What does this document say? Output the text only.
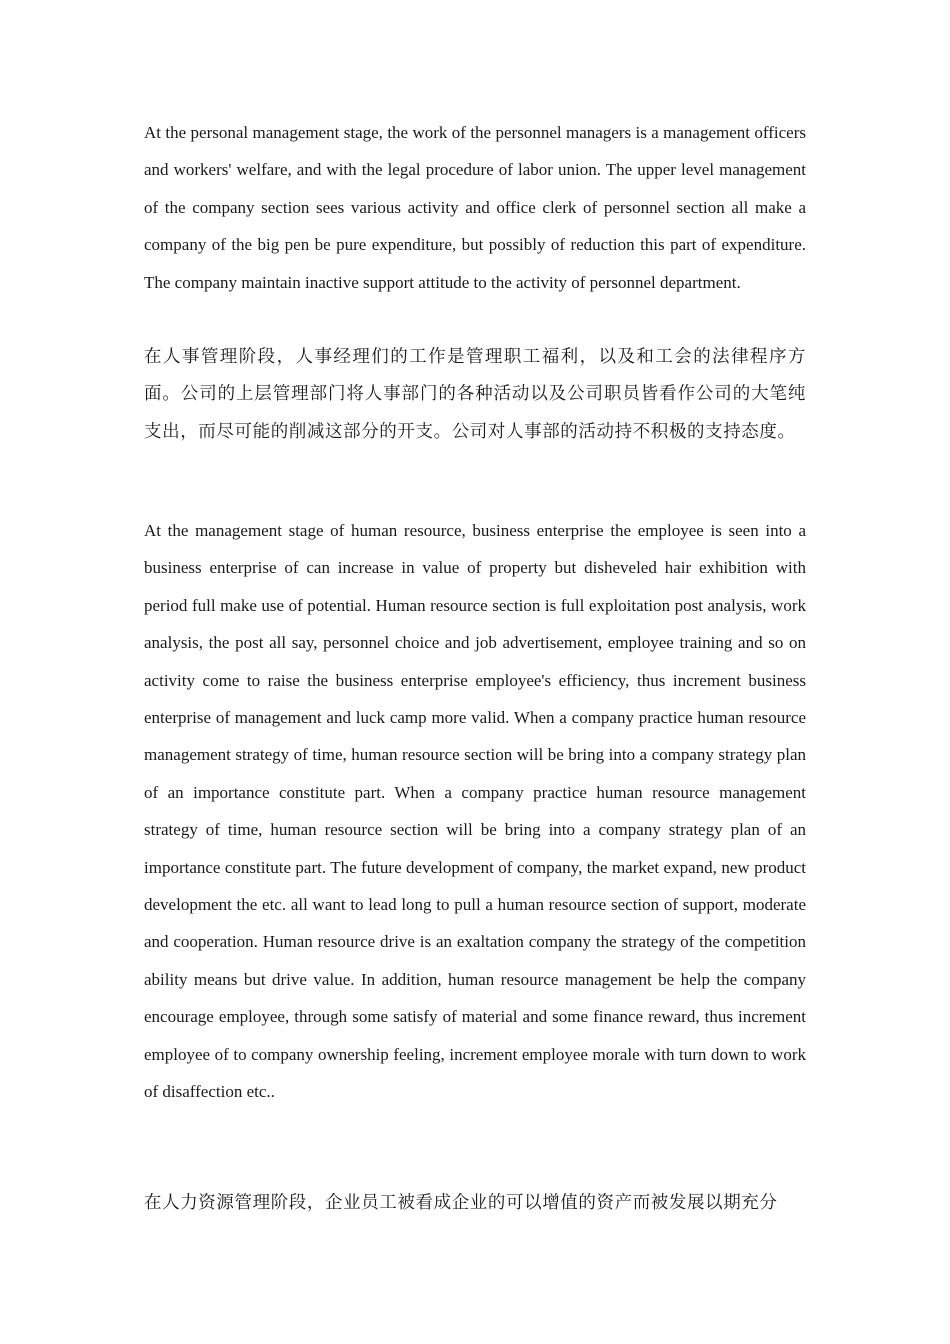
At the personal management stage, the work of the personnel managers is a management officers and workers' welfare, and with the legal procedure of labor union. The upper level management of the company section sees various activity and office clerk of personnel section all make a company of the big pen be pure expenditure, but possibly of reduction this part of expenditure. The company maintain inactive support attitude to the activity of personnel department.

在人事管理阶段，人事经理们的工作是管理职工福利，以及和工会的法律程序方面。公司的上层管理部门将人事部门的各种活动以及公司职员皆看作公司的大笔纯支出，而尽可能的削减这部分的开支。公司对人事部的活动持不积极的支持态度。

At the management stage of human resource, business enterprise the employee is seen into a business enterprise of can increase in value of property but disheveled hair exhibition with period full make use of potential. Human resource section is full exploitation post analysis, work analysis, the post all say, personnel choice and job advertisement, employee training and so on activity come to raise the business enterprise employee's efficiency, thus increment business enterprise of management and luck camp more valid. When a company practice human resource management strategy of time, human resource section will be bring into a company strategy plan of an importance constitute part. When a company practice human resource management strategy of time, human resource section will be bring into a company strategy plan of an importance constitute part. The future development of company, the market expand, new product development the etc. all want to lead long to pull a human resource section of support, moderate and cooperation. Human resource drive is an exaltation company the strategy of the competition ability means but drive value. In addition, human resource management be help the company encourage employee, through some satisfy of material and some finance reward, thus increment employee of to company ownership feeling, increment employee morale with turn down to work of disaffection etc..

在人力资源管理阶段，企业员工被看成企业的可以增值的资产而被发展以期充分
